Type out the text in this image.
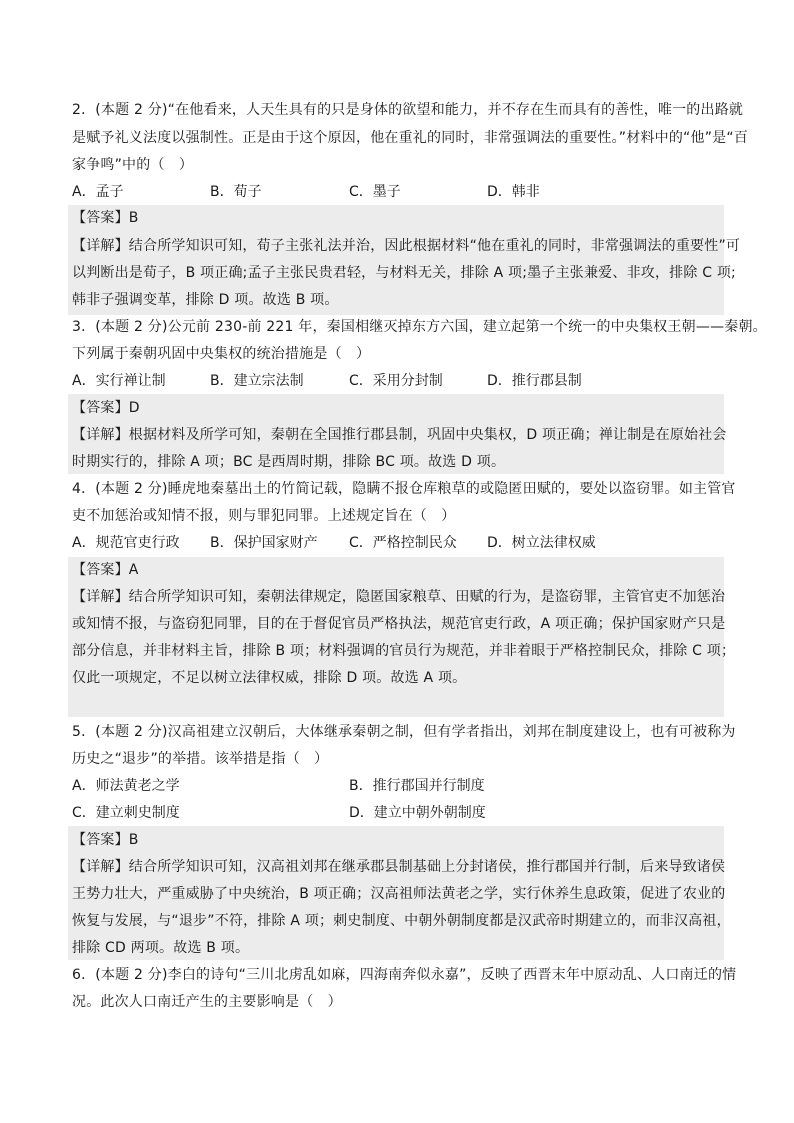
2．(本题 2 分)“在他看来，人天生具有的只是身体的欲望和能力，并不存在生而具有的善性，唯一的出路就
是赋予礼义法度以强制性。正是由于这个原因，他在重礼的同时，非常强调法的重要性。”材料中的“他”是“百
家争鸣”中的（　）
A．孟子	B．荀子	C．墨子	D．韩非
【答案】B
【详解】结合所学知识可知，荀子主张礼法并治，因此根据材料“他在重礼的同时，非常强调法的重要性”可
以判断出是荀子，B 项正确;孟子主张民贵君轻，与材料无关，排除 A 项;墨子主张兼爱、非攻，排除 C 项;
韩非子强调变革，排除 D 项。故选 B 项。
3．(本题 2 分)公元前 230-前 221 年，秦国相继灭掉东方六国，建立起第一个统一的中央集权王朝——秦朝。
下列属于秦朝巩固中央集权的统治措施是（　）
A．实行禅让制	B．建立宗法制	C．采用分封制	D．推行郡县制
【答案】D
【详解】根据材料及所学可知，秦朝在全国推行郡县制，巩固中央集权，D 项正确；禅让制是在原始社会
时期实行的，排除 A 项；BC 是西周时期，排除 BC 项。故选 D 项。
4．(本题 2 分)睡虎地秦墓出土的竹简记载，隐瞒不报仓库粮草的或隐匿田赋的，要处以盗窃罪。如主管官
吏不加惩治或知情不报，则与罪犯同罪。上述规定旨在（　）
A．规范官吏行政 B．保护国家财产 C．严格控制民众 D．树立法律权威
【答案】A
【详解】结合所学知识可知，秦朝法律规定，隐匿国家粮草、田赋的行为，是盗窃罪，主管官吏不加惩治
或知情不报，与盗窃犯同罪，目的在于督促官员严格执法，规范官吏行政，A 项正确；保护国家财产只是
部分信息，并非材料主旨，排除 B 项；材料强调的官员行为规范，并非着眼于严格控制民众，排除 C 项；
仅此一项规定，不足以树立法律权威，排除 D 项。故选 A 项。
5．(本题 2 分)汉高祖建立汉朝后，大体继承秦朝之制，但有学者指出，刘邦在制度建设上，也有可被称为
历史之“退步”的举措。该举措是指（　）
A．师法黄老之学	B．推行郡国并行制度
C．建立刺史制度	D．建立中朝外朝制度
【答案】B
【详解】结合所学知识可知，汉高祖刘邦在继承郡县制基础上分封诸侯，推行郡国并行制，后来导致诸侯
王势力壮大，严重威胁了中央统治，B 项正确；汉高祖师法黄老之学，实行休养生息政策，促进了农业的
恢复与发展，与“退步”不符，排除 A 项；刺史制度、中朝外朝制度都是汉武帝时期建立的，而非汉高祖，
排除 CD 两项。故选 B 项。
6．(本题 2 分)李白的诗句“三川北虏乱如麻，四海南奔似永嘉”，反映了西晋末年中原动乱、人口南迁的情
况。此次人口南迁产生的主要影响是（　）
